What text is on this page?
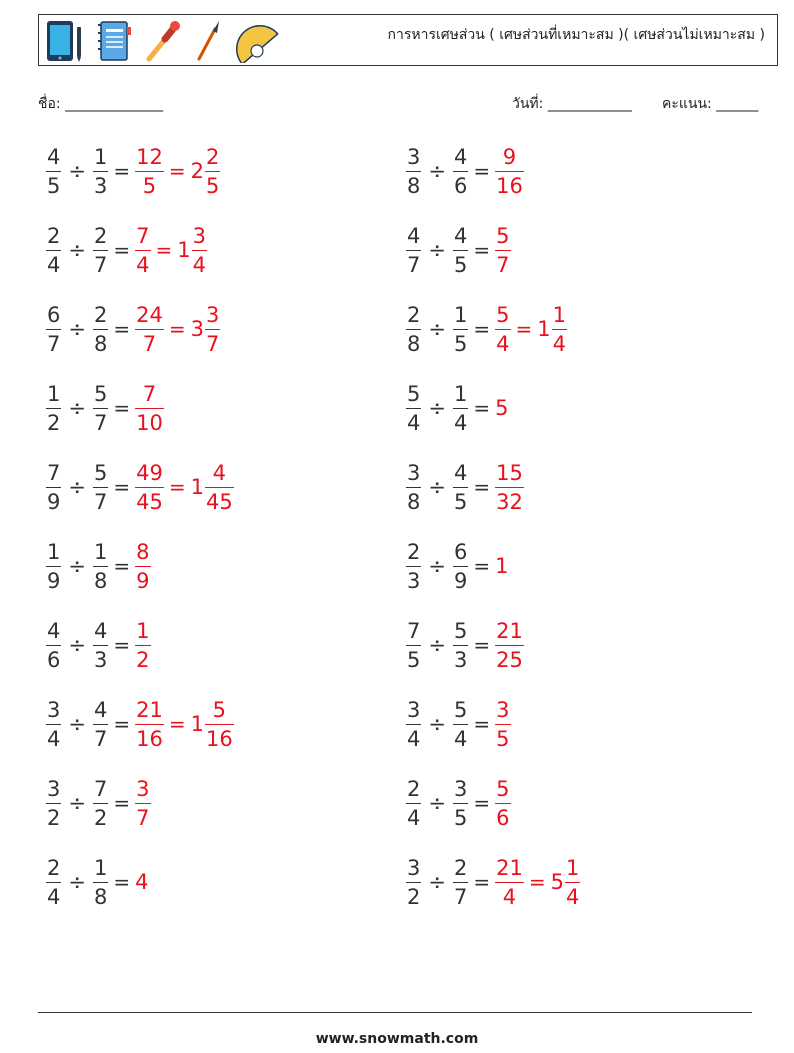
การหารเศษส่วน ( เศษส่วนที่เหมาะสม )( เศษส่วนไม่เหมาะสม )
ชื่อ: ______________	วันที่: ____________ คะแนน: ______
$\frac{4}{5} \div \frac{1}{3} = \frac{12}{5} = 2 \frac{2}{5}$	$\frac{3}{8} \div \frac{4}{6} = \frac{9}{16}$
$\frac{2}{4} \div \frac{2}{7} = \frac{7}{4} = 1 \frac{3}{4}$	$\frac{4}{7} \div \frac{4}{5} = \frac{5}{7}$
$\frac{6}{7} \div \frac{2}{8} = \frac{24}{7} = 3 \frac{3}{7}$	$\frac{2}{8} \div \frac{1}{5} = \frac{5}{4} = 1 \frac{1}{4}$
$\frac{1}{2} \div \frac{5}{7} = \frac{7}{10}$	$\frac{5}{4} \div \frac{1}{4} = 5$
$\frac{7}{9} \div \frac{5}{7} = \frac{49}{45} = 1 \frac{4}{45}$	$\frac{3}{8} \div \frac{4}{5} = \frac{15}{32}$
$\frac{1}{9} \div \frac{1}{8} = \frac{8}{9}$	$\frac{2}{3} \div \frac{6}{9} = 1$
$\frac{4}{6} \div \frac{4}{3} = \frac{1}{2}$	$\frac{7}{5} \div \frac{5}{3} = \frac{21}{25}$
$\frac{3}{4} \div \frac{4}{7} = \frac{21}{16} = 1 \frac{5}{16}$	$\frac{3}{4} \div \frac{5}{4} = \frac{3}{5}$
$\frac{3}{2} \div \frac{7}{2} = \frac{3}{7}$	$\frac{2}{4} \div \frac{3}{5} = \frac{5}{6}$
$\frac{2}{4} \div \frac{1}{8} = 4$	$\frac{3}{2} \div \frac{2}{7} = \frac{21}{4} = 5 \frac{1}{4}$
www.snowmath.com
